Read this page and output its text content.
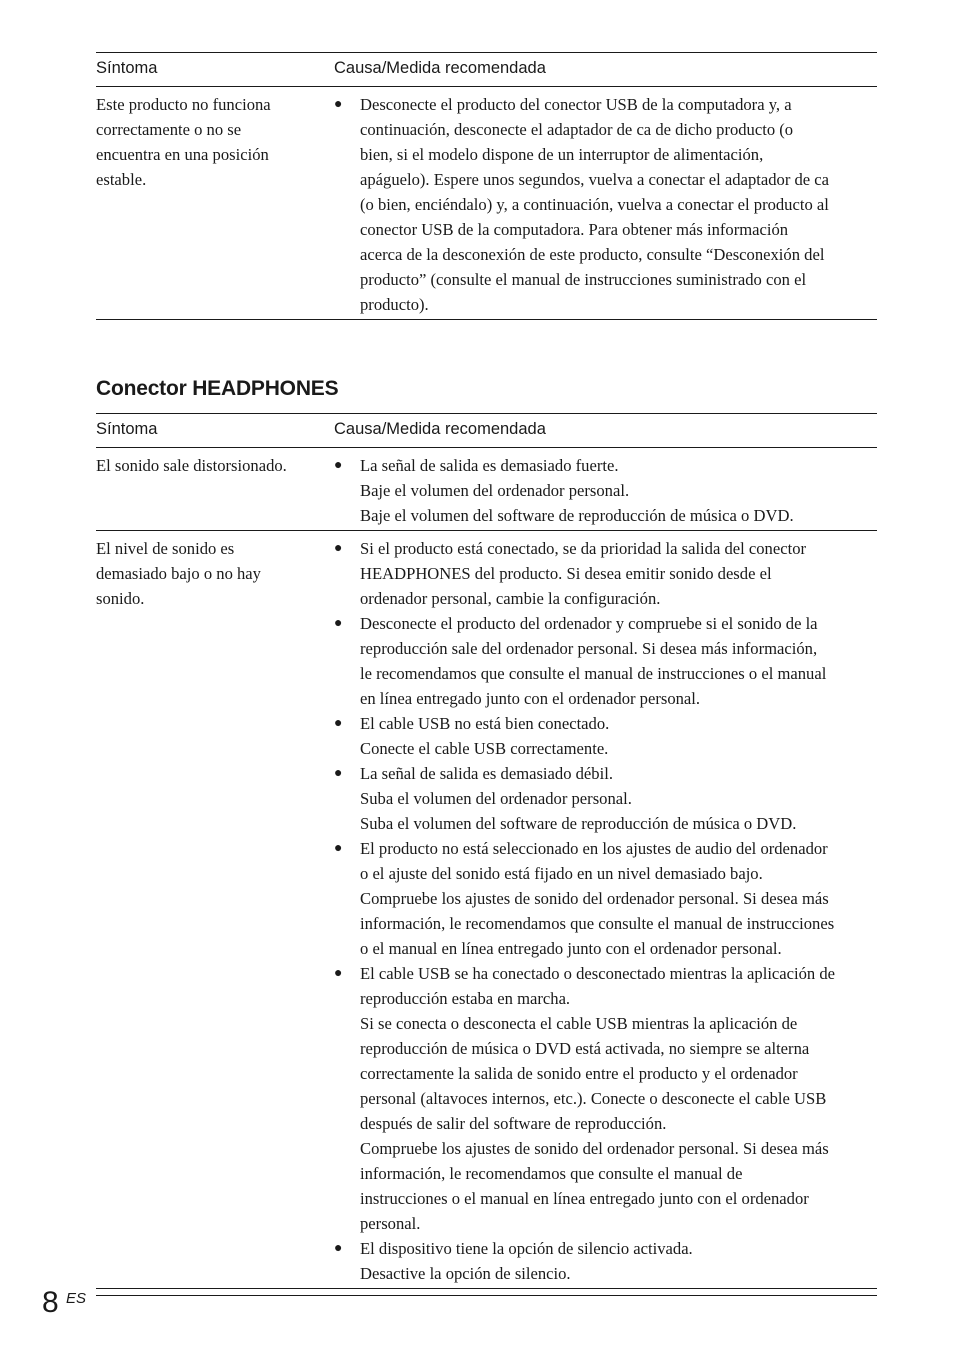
Síntoma	Causa/Medida recomendada
Este producto no funciona
correctamente o no se
encuentra en una posición
estable.
● Desconecte el producto del conector USB de la computadora y, a
continuación, desconecte el adaptador de ca de dicho producto (o
bien, si el modelo dispone de un interruptor de alimentación,
apáguelo). Espere unos segundos, vuelva a conectar el adaptador de ca
(o bien, enciéndalo) y, a continuación, vuelva a conectar el producto al
conector USB de la computadora. Para obtener más información
acerca de la desconexión de este producto, consulte “Desconexión del
producto” (consulte el manual de instrucciones suministrado con el
producto).
Conector HEADPHONES
Síntoma	Causa/Medida recomendada
El sonido sale distorsionado.	● La señal de salida es demasiado fuerte.
Baje el volumen del ordenador personal.
Baje el volumen del software de reproducción de música o DVD.
El nivel de sonido es
demasiado bajo o no hay
sonido.
● Si el producto está conectado, se da prioridad la salida del conector
HEADPHONES del producto. Si desea emitir sonido desde el
ordenador personal, cambie la configuración.
● Desconecte el producto del ordenador y compruebe si el sonido de la
reproducción sale del ordenador personal. Si desea más información,
le recomendamos que consulte el manual de instrucciones o el manual
en línea entregado junto con el ordenador personal.
● El cable USB no está bien conectado.
Conecte el cable USB correctamente.
● La señal de salida es demasiado débil.
Suba el volumen del ordenador personal.
Suba el volumen del software de reproducción de música o DVD.
● El producto no está seleccionado en los ajustes de audio del ordenador
o el ajuste del sonido está fijado en un nivel demasiado bajo.
Compruebe los ajustes de sonido del ordenador personal. Si desea más
información, le recomendamos que consulte el manual de instrucciones
o el manual en línea entregado junto con el ordenador personal.
● El cable USB se ha conectado o desconectado mientras la aplicación de
reproducción estaba en marcha.
Si se conecta o desconecta el cable USB mientras la aplicación de
reproducción de música o DVD está activada, no siempre se alterna
correctamente la salida de sonido entre el producto y el ordenador
personal (altavoces internos, etc.). Conecte o desconecte el cable USB
después de salir del software de reproducción.
Compruebe los ajustes de sonido del ordenador personal. Si desea más
información, le recomendamos que consulte el manual de
instrucciones o el manual en línea entregado junto con el ordenador
personal.
● El dispositivo tiene la opción de silencio activada.
Desactive la opción de silencio.
8 ES
